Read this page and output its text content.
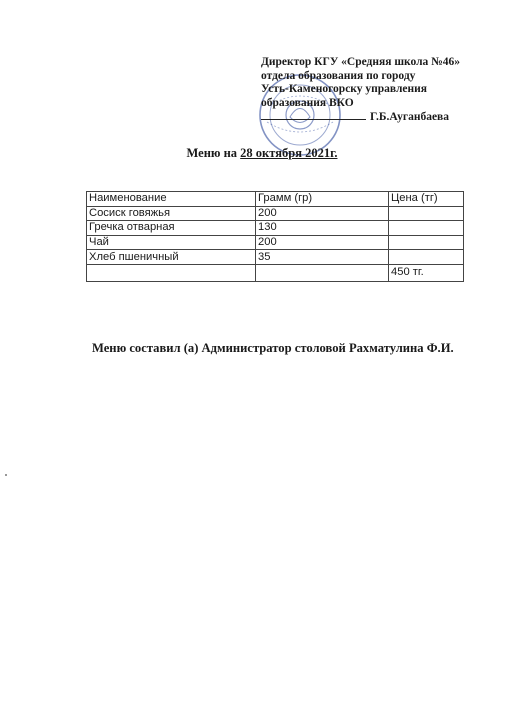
Директор КГУ «Средняя школа №46»
отдела образования по городу
Усть-Каменогорску управления
образования ВКО
Г.Б.Ауганбаева
Меню на 28 октября 2021г.
Наименование	Грамм (гр)	Цена (тг)
Сосиск говяжья	200	
Гречка отварная	130	
Чай	200	
Хлеб пшеничный	35	
		450 тг.
Меню составил (а) Администратор столовой Рахматулина Ф.И.
